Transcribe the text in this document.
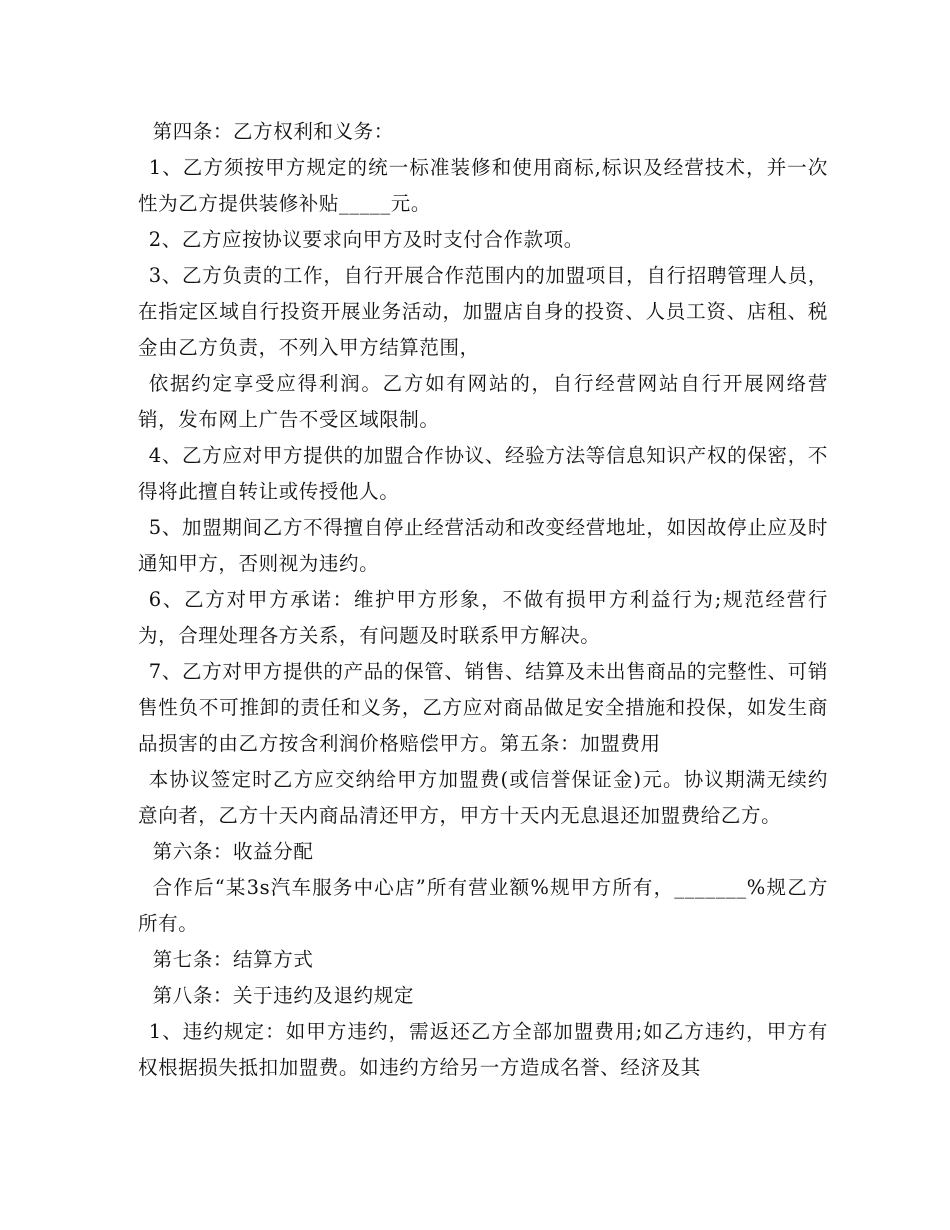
第四条：乙方权利和义务：

1、乙方须按甲方规定的统一标准装修和使用商标,标识及经营技术，并一次性为乙方提供装修补贴_____元。

2、乙方应按协议要求向甲方及时支付合作款项。

3、乙方负责的工作，自行开展合作范围内的加盟项目，自行招聘管理人员，在指定区域自行投资开展业务活动，加盟店自身的投资、人员工资、店租、税金由乙方负责，不列入甲方结算范围，

依据约定享受应得利润。乙方如有网站的，自行经营网站自行开展网络营销，发布网上广告不受区域限制。

4、乙方应对甲方提供的加盟合作协议、经验方法等信息知识产权的保密，不得将此擅自转让或传授他人。

5、加盟期间乙方不得擅自停止经营活动和改变经营地址，如因故停止应及时通知甲方，否则视为违约。

6、乙方对甲方承诺：维护甲方形象，不做有损甲方利益行为;规范经营行为，合理处理各方关系，有问题及时联系甲方解决。

7、乙方对甲方提供的产品的保管、销售、结算及未出售商品的完整性、可销售性负不可推卸的责任和义务，乙方应对商品做足安全措施和投保，如发生商品损害的由乙方按含利润价格赔偿甲方。第五条：加盟费用

本协议签定时乙方应交纳给甲方加盟费(或信誉保证金)元。协议期满无续约意向者，乙方十天内商品清还甲方，甲方十天内无息退还加盟费给乙方。

第六条：收益分配

合作后“某3s汽车服务中心店”所有营业额%规甲方所有，_______%规乙方所有。

第七条：结算方式

第八条：关于违约及退约规定

1、违约规定：如甲方违约，需返还乙方全部加盟费用;如乙方违约，甲方有权根据损失抵扣加盟费。如违约方给另一方造成名誉、经济及其
